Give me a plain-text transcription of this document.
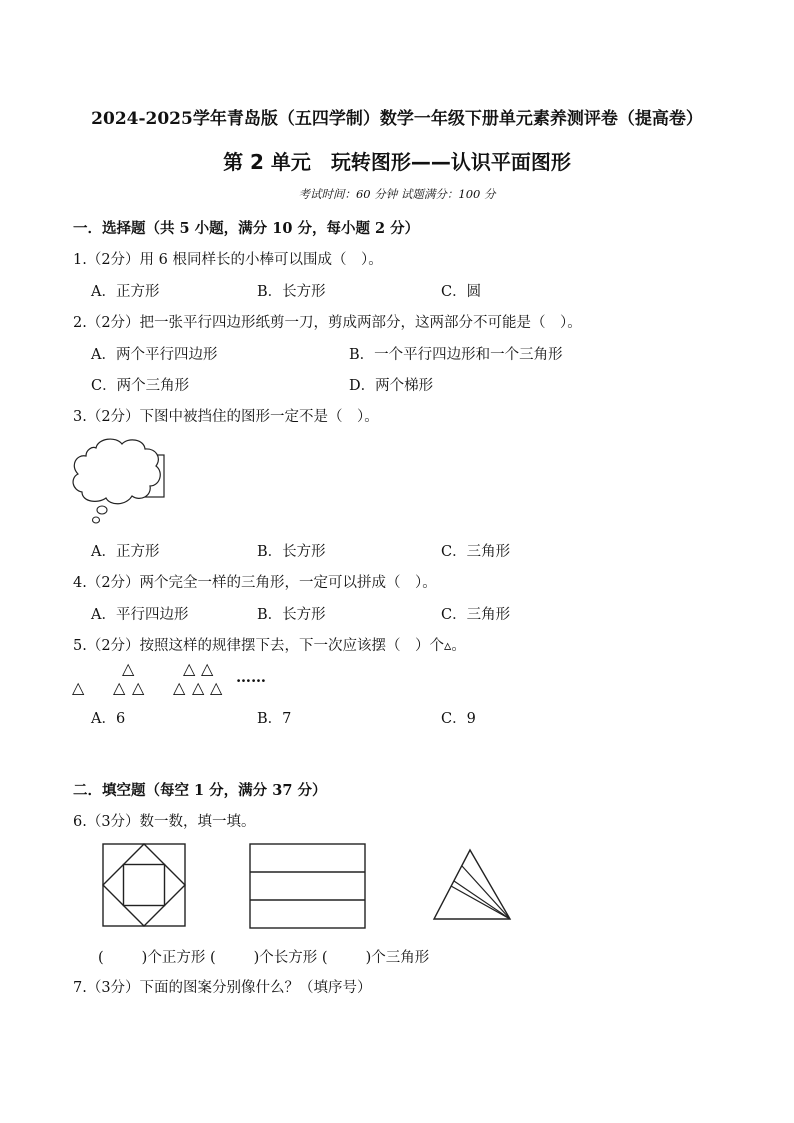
2024-2025学年青岛版（五四学制）数学一年级下册单元素养测评卷（提高卷）
第 2 单元　玩转图形——认识平面图形
考试时间：60 分钟 试题满分：100 分
一．选择题（共 5 小题，满分 10 分，每小题 2 分）
1.（2分）用 6 根同样长的小棒可以围成（　）。
A．正方形	B．长方形	C．圆
2.（2分）把一张平行四边形纸剪一刀，剪成两部分，这两部分不可能是（　）。
A．两个平行四边形	B．一个平行四边形和一个三角形
C．两个三角形	D．两个梯形
3.（2分）下图中被挡住的图形一定不是（　）。
A．正方形	B．长方形	C．三角形
4.（2分）两个完全一样的三角形，一定可以拼成（　）。
A．平行四边形	B．长方形	C．三角形
5.（2分）按照这样的规律摆下去，下一次应该摆（　）个▵。
△
△
△ △
△ △
△ △ △
……
A．6	B．7	C．9
二．填空题（每空 1 分，满分 37 分）
6.（3分）数一数，填一填。
(	)个正方形 (	)个长方形 (	)个三角形
7.（3分）下面的图案分别像什么？（填序号）
